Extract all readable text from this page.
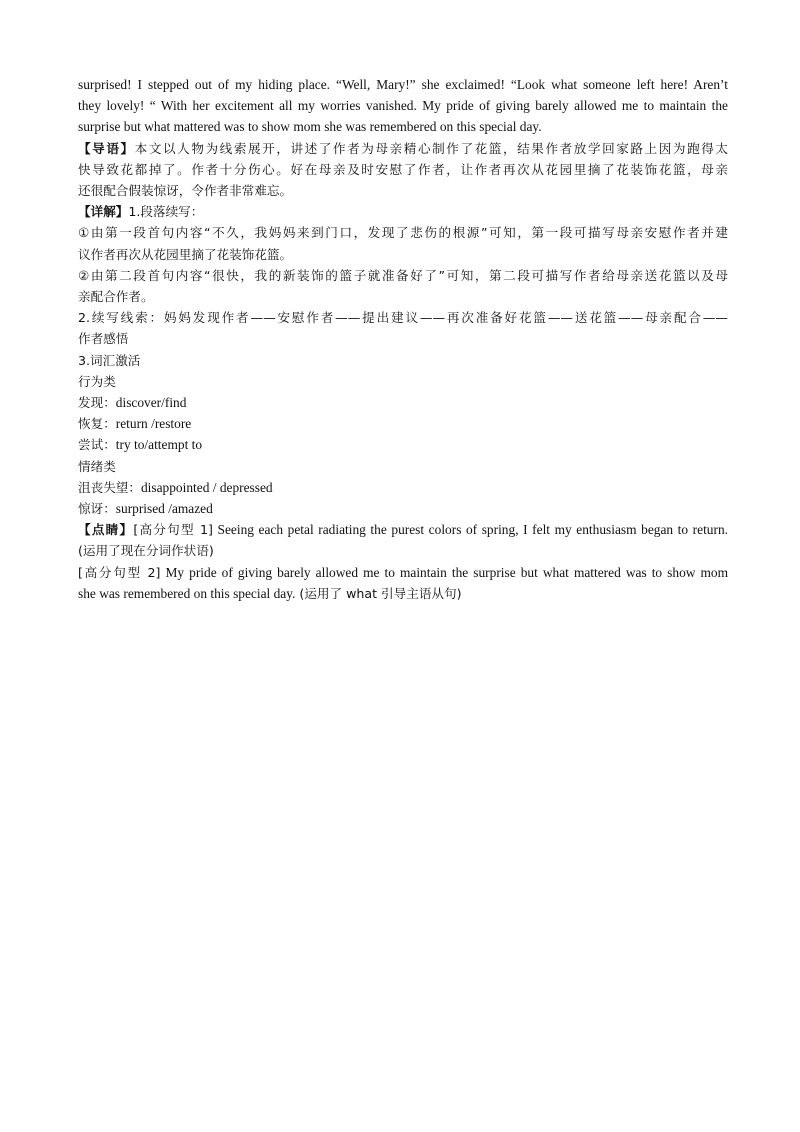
surprised! I stepped out of my hiding place. “Well, Mary!” she exclaimed! “Look what someone left here! Aren’t
they lovely! “ With her excitement all my worries vanished. My pride of giving barely allowed me to maintain the
surprise but what mattered was to show mom she was remembered on this special day.
【导语】本文以人物为线索展开，讲述了作者为母亲精心制作了花篮，结果作者放学回家路上因为跑得太
快导致花都掉了。作者十分伤心。好在母亲及时安慰了作者，让作者再次从花园里摘了花装饰花篮，母亲
还很配合假装惊讶，令作者非常难忘。
【详解】1.段落续写：
①由第一段首句内容“不久，我妈妈来到门口，发现了悲伤的根源”可知，第一段可描写母亲安慰作者并建
议作者再次从花园里摘了花装饰花篮。
②由第二段首句内容“很快，我的新装饰的篮子就准备好了”可知，第二段可描写作者给母亲送花篮以及母
亲配合作者。
2.续写线索：妈妈发现作者——安慰作者——提出建议——再次准备好花篮——送花篮——母亲配合——
作者感悟
3.词汇激活
行为类
发现：discover/find
恢复：return /restore
尝试：try to/attempt to
情绪类
沮丧失望：disappointed / depressed
惊讶：surprised /amazed
【点睛】[高分句型 1] Seeing each petal radiating the purest colors of spring, I felt my enthusiasm began to return.
(运用了现在分词作状语)
[高分句型 2] My pride of giving barely allowed me to maintain the surprise but what mattered was to show mom
she was remembered on this special day. (运用了 what 引导主语从句)
